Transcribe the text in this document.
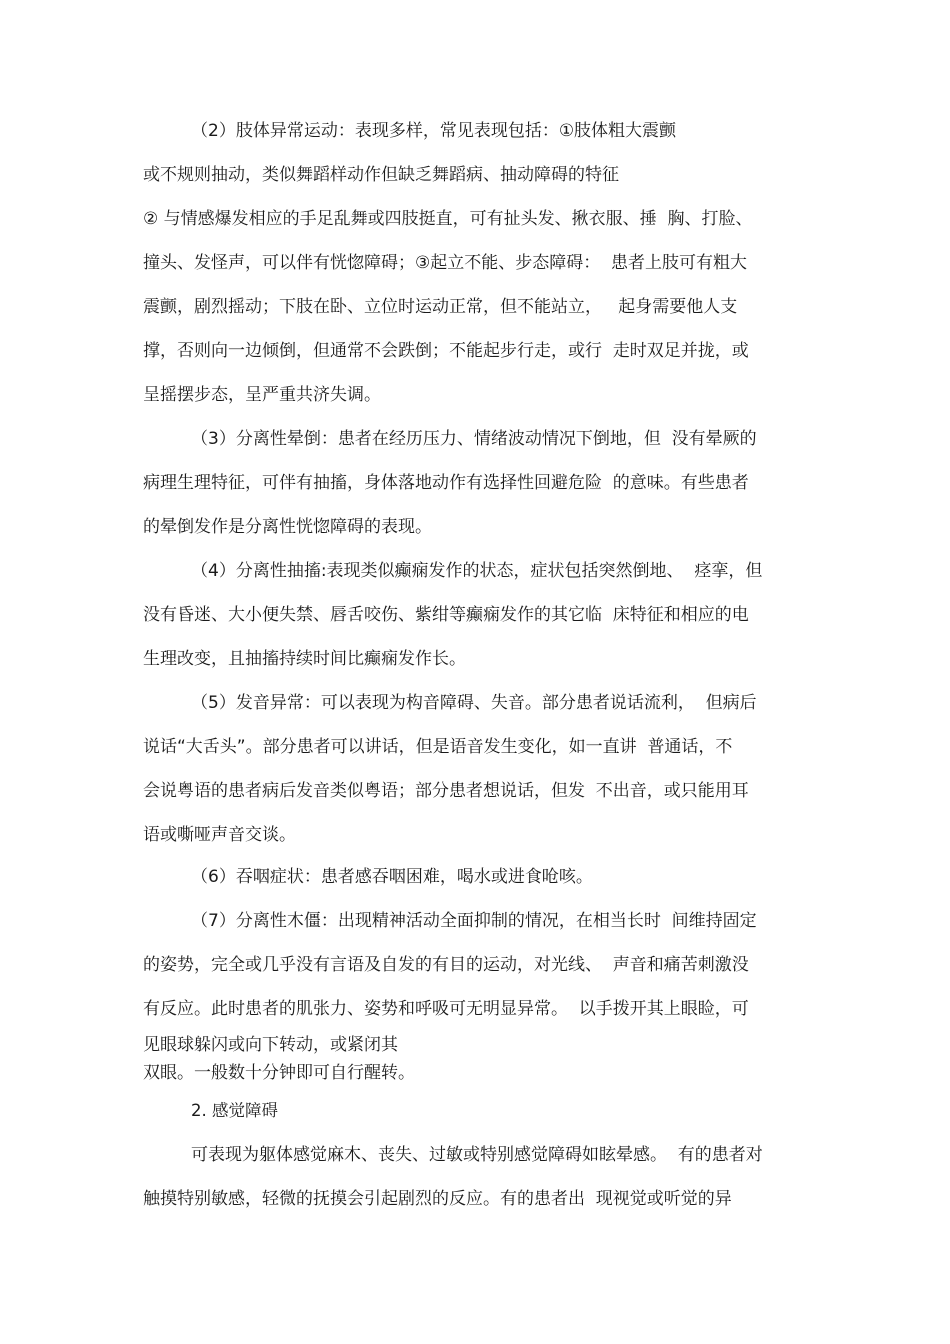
（2）肢体异常运动：表现多样，常见表现包括：①肢体粗大震颤

或不规则抽动，类似舞蹈样动作但缺乏舞蹈病、抽动障碍的特征

② 与情感爆发相应的手足乱舞或四肢挺直，可有扯头发、揪衣服、捶  胸、打脸、

撞头、发怪声，可以伴有恍惚障碍；③起立不能、步态障碍：  患者上肢可有粗大

震颤，剧烈摇动；下肢在卧、立位时运动正常，但不能站立，   起身需要他人支

撑，否则向一边倾倒，但通常不会跌倒；不能起步行走，或行  走时双足并拢，或

呈摇摆步态，呈严重共济失调。

（3）分离性晕倒：患者在经历压力、情绪波动情况下倒地，但  没有晕厥的

病理生理特征，可伴有抽搐，身体落地动作有选择性回避危险  的意味。有些患者

的晕倒发作是分离性恍惚障碍的表现。

（4）分离性抽搐:表现类似癫痫发作的状态，症状包括突然倒地、  痉挛，但

没有昏迷、大小便失禁、唇舌咬伤、紫绀等癫痫发作的其它临  床特征和相应的电

生理改变，且抽搐持续时间比癫痫发作长。

（5）发音异常：可以表现为构音障碍、失音。部分患者说话流利，  但病后

说话“大舌头”。部分患者可以讲话，但是语音发生变化，如一直讲  普通话，不

会说粤语的患者病后发音类似粤语；部分患者想说话，但发  不出音，或只能用耳

语或嘶哑声音交谈。

（6）吞咽症状：患者感吞咽困难，喝水或进食呛咳。

（7）分离性木僵：出现精神活动全面抑制的情况，在相当长时  间维持固定

的姿势，完全或几乎没有言语及自发的有目的运动，对光线、  声音和痛苦刺激没

有反应。此时患者的肌张力、姿势和呼吸可无明显异常。  以手拨开其上眼睑，可

见眼球躲闪或向下转动，或紧闭其

双眼。一般数十分钟即可自行醒转。

2. 感觉障碍

可表现为躯体感觉麻木、丧失、过敏或特别感觉障碍如眩晕感。  有的患者对

触摸特别敏感，轻微的抚摸会引起剧烈的反应。有的患者出  现视觉或听觉的异
